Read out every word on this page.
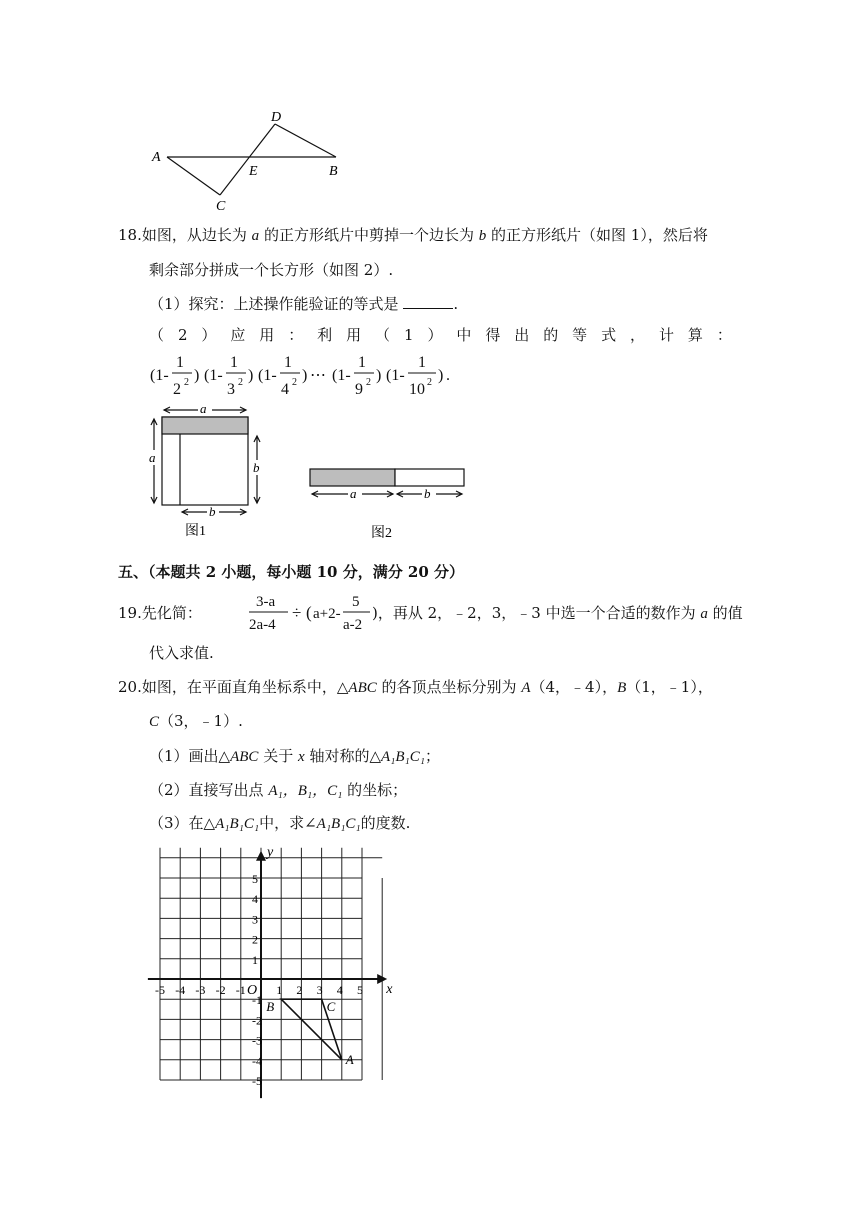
A
D
E	B
C
18.如图，从边长为 a 的正方形纸片中剪掉一个边长为 b 的正方形纸片（如图 1），然后将
剩余部分拼成一个长方形（如图 2）.
（1）探究：上述操作能验证的等式是	.
（ 2 ） 应 用 ： 利 用 （ 1 ） 中 得 出 的 等 式 ， 计 算 ：
(1-
1
2 2 ) (1-
1
3 2 ) (1-
1
4 2 ) ⋯ (1-
1
9 2 ) (1-
1
10 2 ) .
a
a
b
b
图1
a	b
图2
五、（本题共 2 小题，每小题 10 分，满分 20 分）
19.先化简：
3-a
2a-4
÷ ( a+2-
5
a-2
)，再从 2，﹣2，3，﹣3 中选一个合适的数作为 a 的值
代入求值.
20.如图，在平面直角坐标系中，△ABC 的各顶点坐标分别为 A（4，﹣4），B（1，﹣1），
C（3，﹣1）.
（1）画出△ABC 关于 x 轴对称的△A₁B₁C₁；
（2）直接写出点 A₁，B₁，C₁ 的坐标；
（3）在△A₁B₁C₁中，求∠A₁B₁C₁的度数.
x
y
O
-5 -4 -3 -2 -1	1 2 3 4 5
5
4
3
2
1
-1
-2
-3
-4
-5
A
B	C
